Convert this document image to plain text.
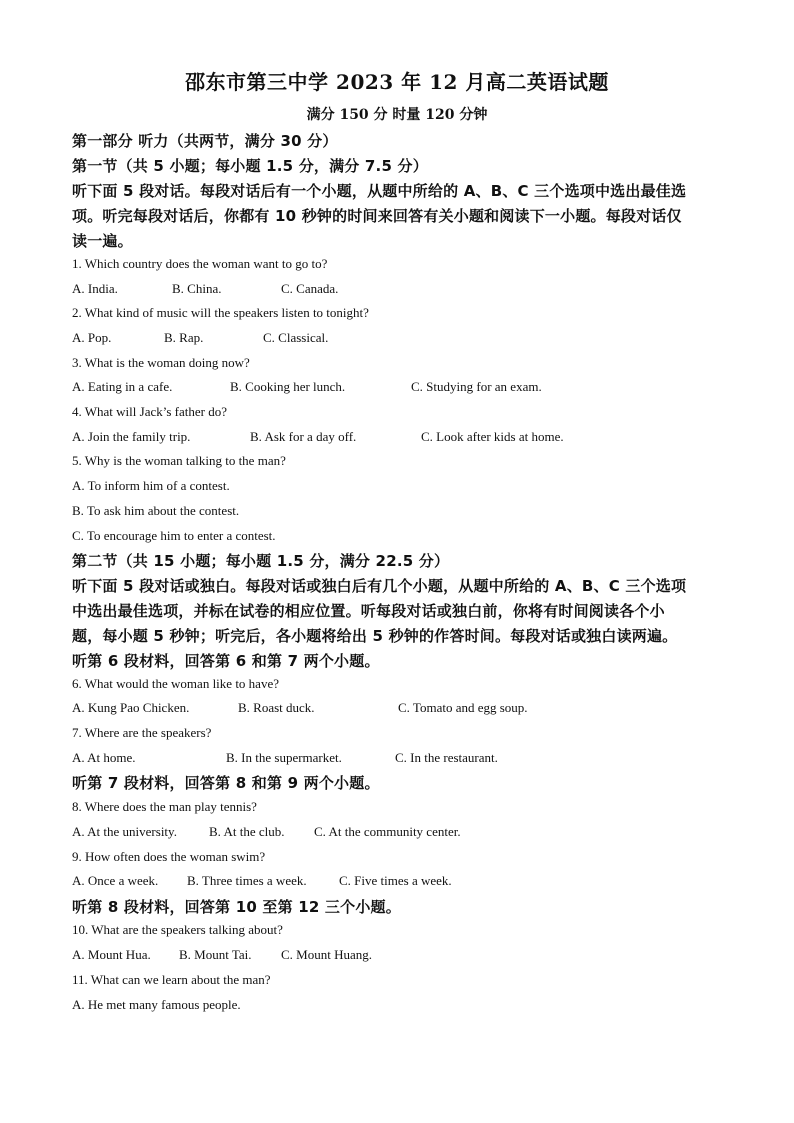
邵东市第三中学 2023 年 12 月高二英语试题
满分 150 分 时量 120 分钟
第一部分 听力（共两节，满分 30 分）
第一节（共 5 小题；每小题 1.5 分，满分 7.5 分）
听下面 5 段对话。每段对话后有一个小题，从题中所给的 A、B、C 三个选项中选出最佳选
项。听完每段对话后，你都有 10 秒钟的时间来回答有关小题和阅读下一小题。每段对话仅
读一遍。
1. Which country does the woman want to go to?
A. India.	B. China.	C. Canada.
2. What kind of music will the speakers listen to tonight?
A. Pop.	B. Rap.	C. Classical.
3. What is the woman doing now?
A. Eating in a cafe.	B. Cooking her lunch.	C. Studying for an exam.
4. What will Jack’s father do?
A. Join the family trip.	B. Ask for a day off.	C. Look after kids at home.
5. Why is the woman talking to the man?
A. To inform him of a contest.
B. To ask him about the contest.
C. To encourage him to enter a contest.
第二节（共 15 小题；每小题 1.5 分，满分 22.5 分）
听下面 5 段对话或独白。每段对话或独白后有几个小题，从题中所给的 A、B、C 三个选项
中选出最佳选项，并标在试卷的相应位置。听每段对话或独白前，你将有时间阅读各个小
题，每小题 5 秒钟；听完后，各小题将给出 5 秒钟的作答时间。每段对话或独白读两遍。
听第 6 段材料，回答第 6 和第 7 两个小题。
6. What would the woman like to have?
A. Kung Pao Chicken.	B. Roast duck.	C. Tomato and egg soup.
7. Where are the speakers?
A. At home.	B. In the supermarket.	C. In the restaurant.
听第 7 段材料，回答第 8 和第 9 两个小题。
8. Where does the man play tennis?
A. At the university. B. At the club. C. At the community center.
9. How often does the woman swim?
A. Once a week. B. Three times a week. C. Five times a week.
听第 8 段材料，回答第 10 至第 12 三个小题。
10. What are the speakers talking about?
A. Mount Hua. B. Mount Tai. C. Mount Huang.
11. What can we learn about the man?
A. He met many famous people.
